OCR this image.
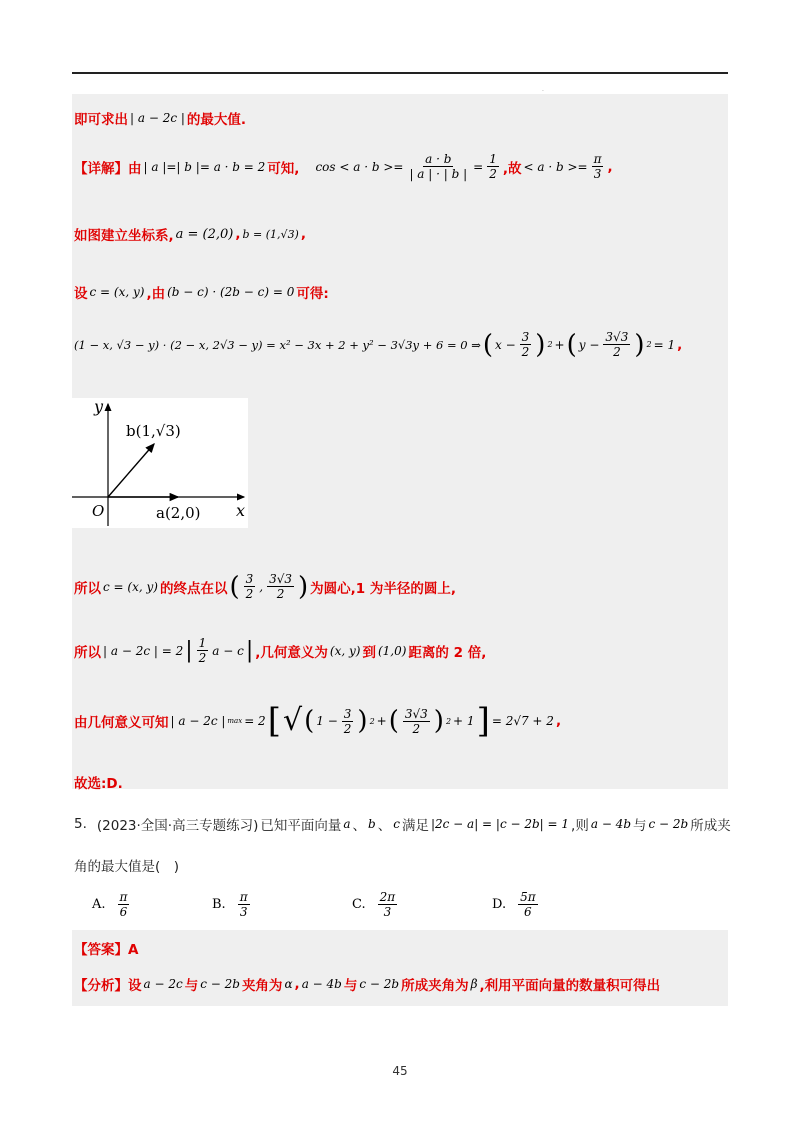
.
即可求出 | a − 2c | 的最大值.
【详解】由 | a |=| b |= a · b = 2 可知, $\cos < a \cdot b >= \frac{a \cdot b}{| a | \cdot | b |} = \frac{1}{2}$ ,故 < $a \cdot b >= \frac{\pi}{3}$ ,
如图建立坐标系, a = (2,0) , b = (1,√3) ,
设 c = (x, y) ,由 (b − c) · (2b − c) = 0 可得:
(1 − x, √3 − y) · (2 − x, 2√3 − y) = x² − 3x + 2 + y² − 3√3y + 6 = 0 ⇒ ( $x - \frac{3}{2}$ ) 2 + ( $y - \frac{3√3}{2}$ ) 2 = 1 ,
y
x
O
b(1,√3)
a(2,0)
所以 c = (x, y) 的终点在以 ( $\frac{3}{2}$ , $\frac{3√3}{2}$ ) 为圆心,1 为半径的圆上,
所以 | a − 2c | = 2 | $\frac{1}{2}$ a − c | ,几何意义为 (x, y) 到 (1,0) 距离的 2 倍,
由几何意义可知 | a − 2c | max = 2 [ √ ( $1 - \frac{3}{2}$ ) 2 + ( $\frac{3√3}{2}$ ) 2 + 1 ] = 2√7 + 2 ,
故选:D.
5. (2023·全国·高三专题练习) 已知平面向量 a 、 b 、 c 满足 |2c − a| = |c − 2b| = 1 ,则 a − 4b 与 c − 2b 所成夹
角的最大值是(　)
A. $\frac{\pi}{6}$	B. $\frac{\pi}{3}$	C. $\frac{2\pi}{3}$	D. $\frac{5\pi}{6}$
【答案】A
【分析】设 a − 2c 与 c − 2b 夹角为 α , a − 4b 与 c − 2b 所成夹角为 β ,利用平面向量的数量积可得出
45
